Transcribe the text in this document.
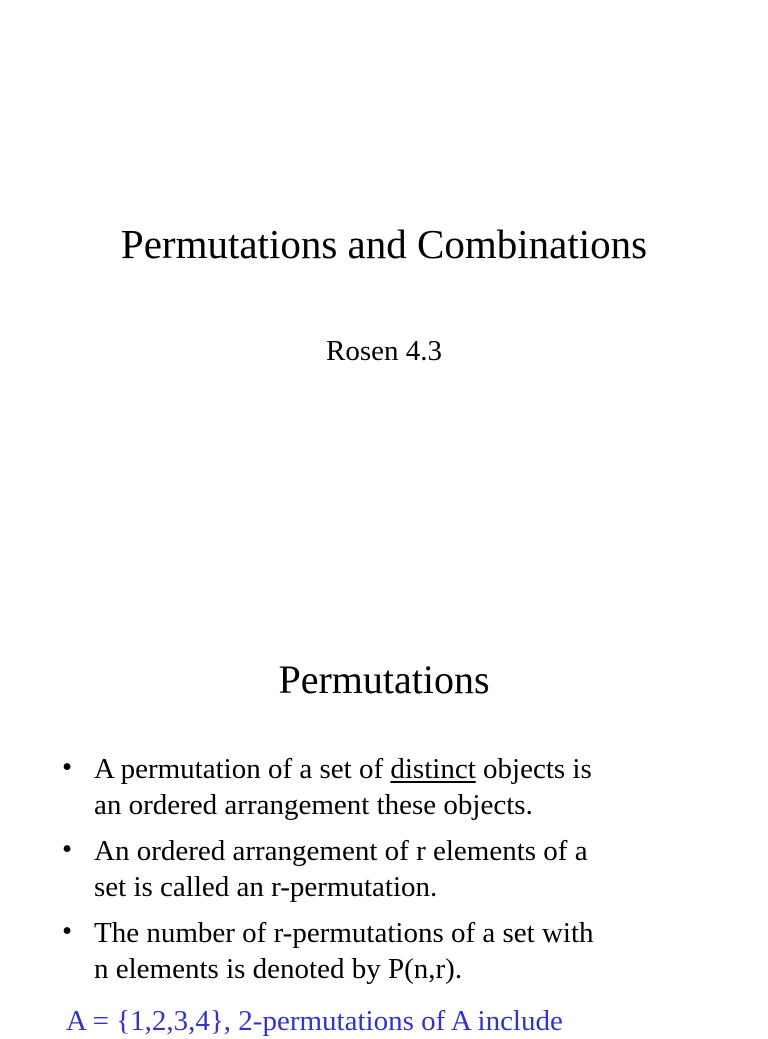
Permutations and Combinations
Rosen 4.3
Permutations
• A permutation of a set of distinct objects is
an ordered arrangement these objects.
• An ordered arrangement of r elements of a
set is called an r-permutation.
• The number of r-permutations of a set with
n elements is denoted by P(n,r).
A = {1,2,3,4}, 2-permutations of A include
